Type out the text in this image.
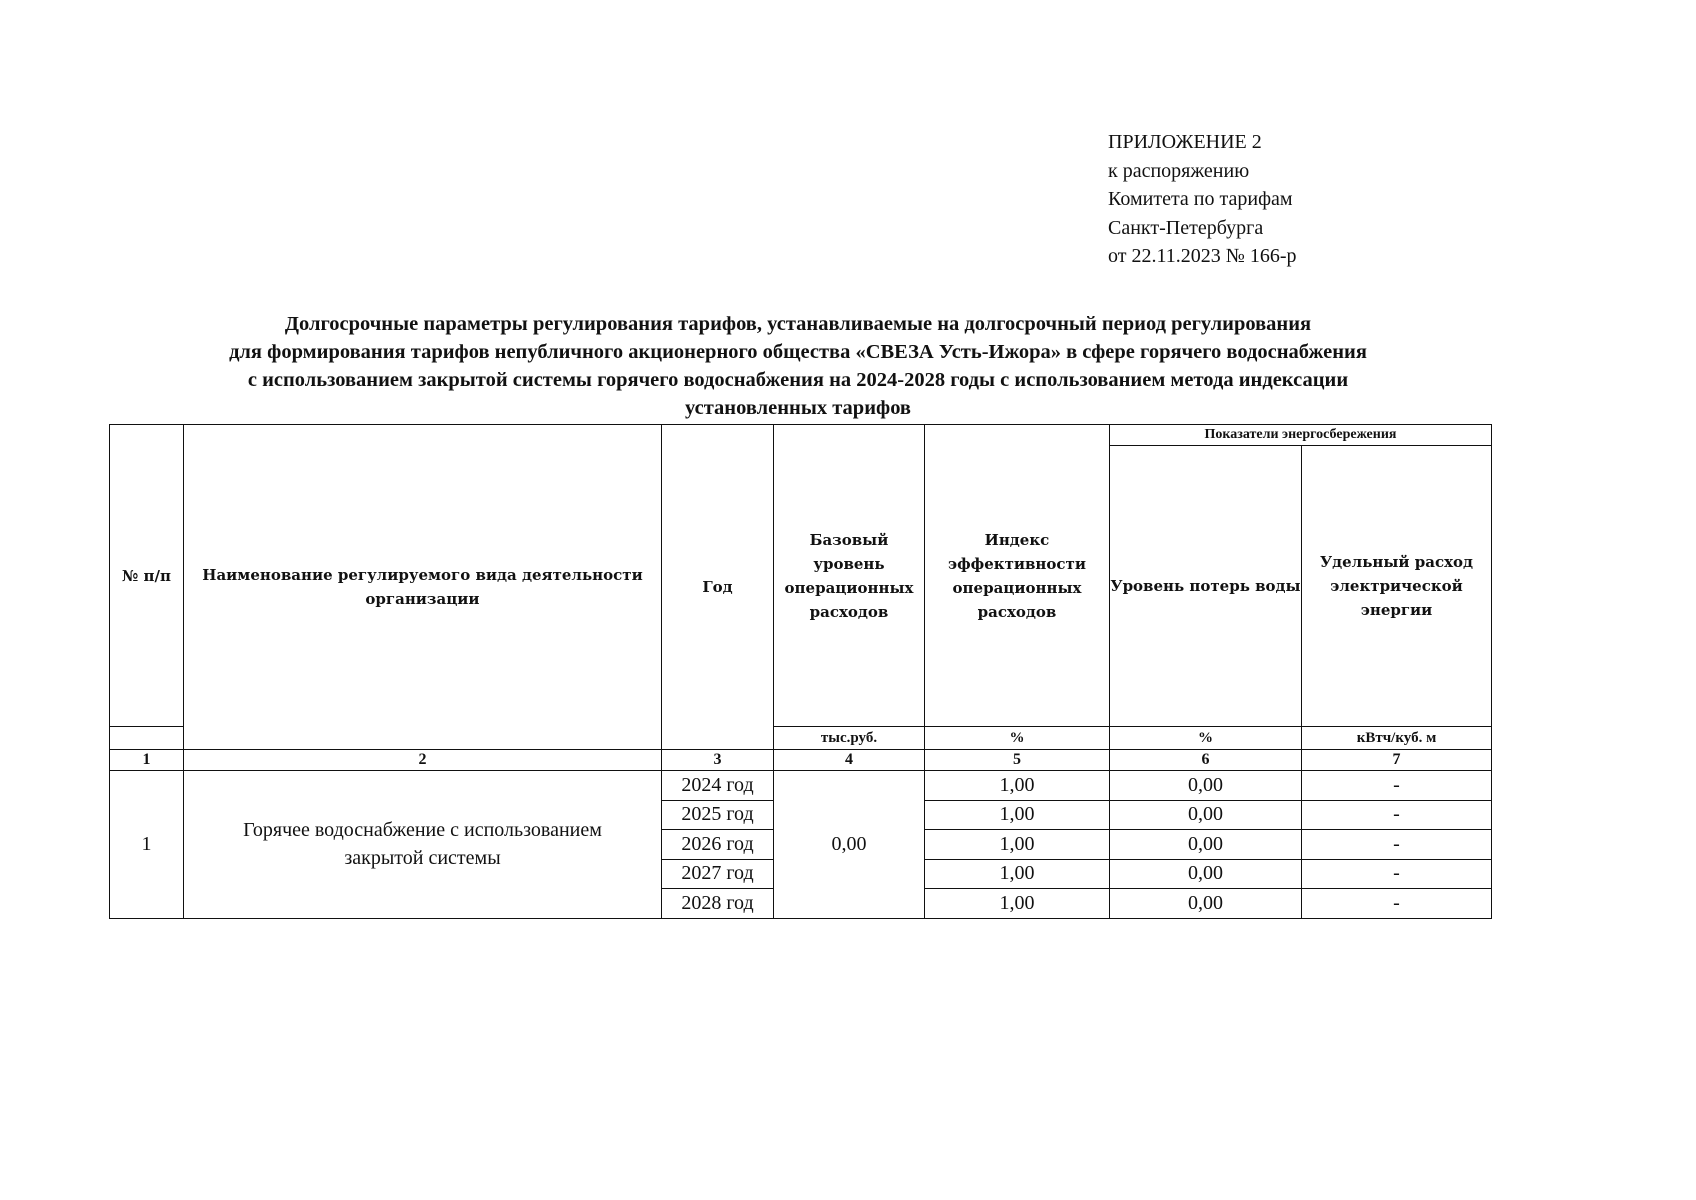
ПРИЛОЖЕНИЕ 2
к распоряжению
Комитета по тарифам
Санкт-Петербурга
от 22.11.2023 № 166-р
Долгосрочные параметры регулирования тарифов, устанавливаемые на долгосрочный период регулирования
для формирования тарифов непубличного акционерного общества «СВЕЗА Усть-Ижора» в сфере горячего водоснабжения
с использованием закрытой системы горячего водоснабжения на 2024-2028 годы с использованием метода индексации
установленных тарифов
№ п/п	Наименование регулируемого вида деятельности организации	Год	Базовый уровень операционных расходов	Индекс эффективности операционных расходов	Показатели энергосбережения	
					Уровень потерь воды	Удельный расход электрической энергии
			тыс.руб.	%	%	кВтч/куб. м
1	2	3	4	5	6	7
1	Горячее водоснабжение с использованием закрытой системы	2024 год	0,00	1,00	0,00	-
		2025 год		1,00	0,00	-
		2026 год		1,00	0,00	-
		2027 год		1,00	0,00	-
		2028 год		1,00	0,00	-
